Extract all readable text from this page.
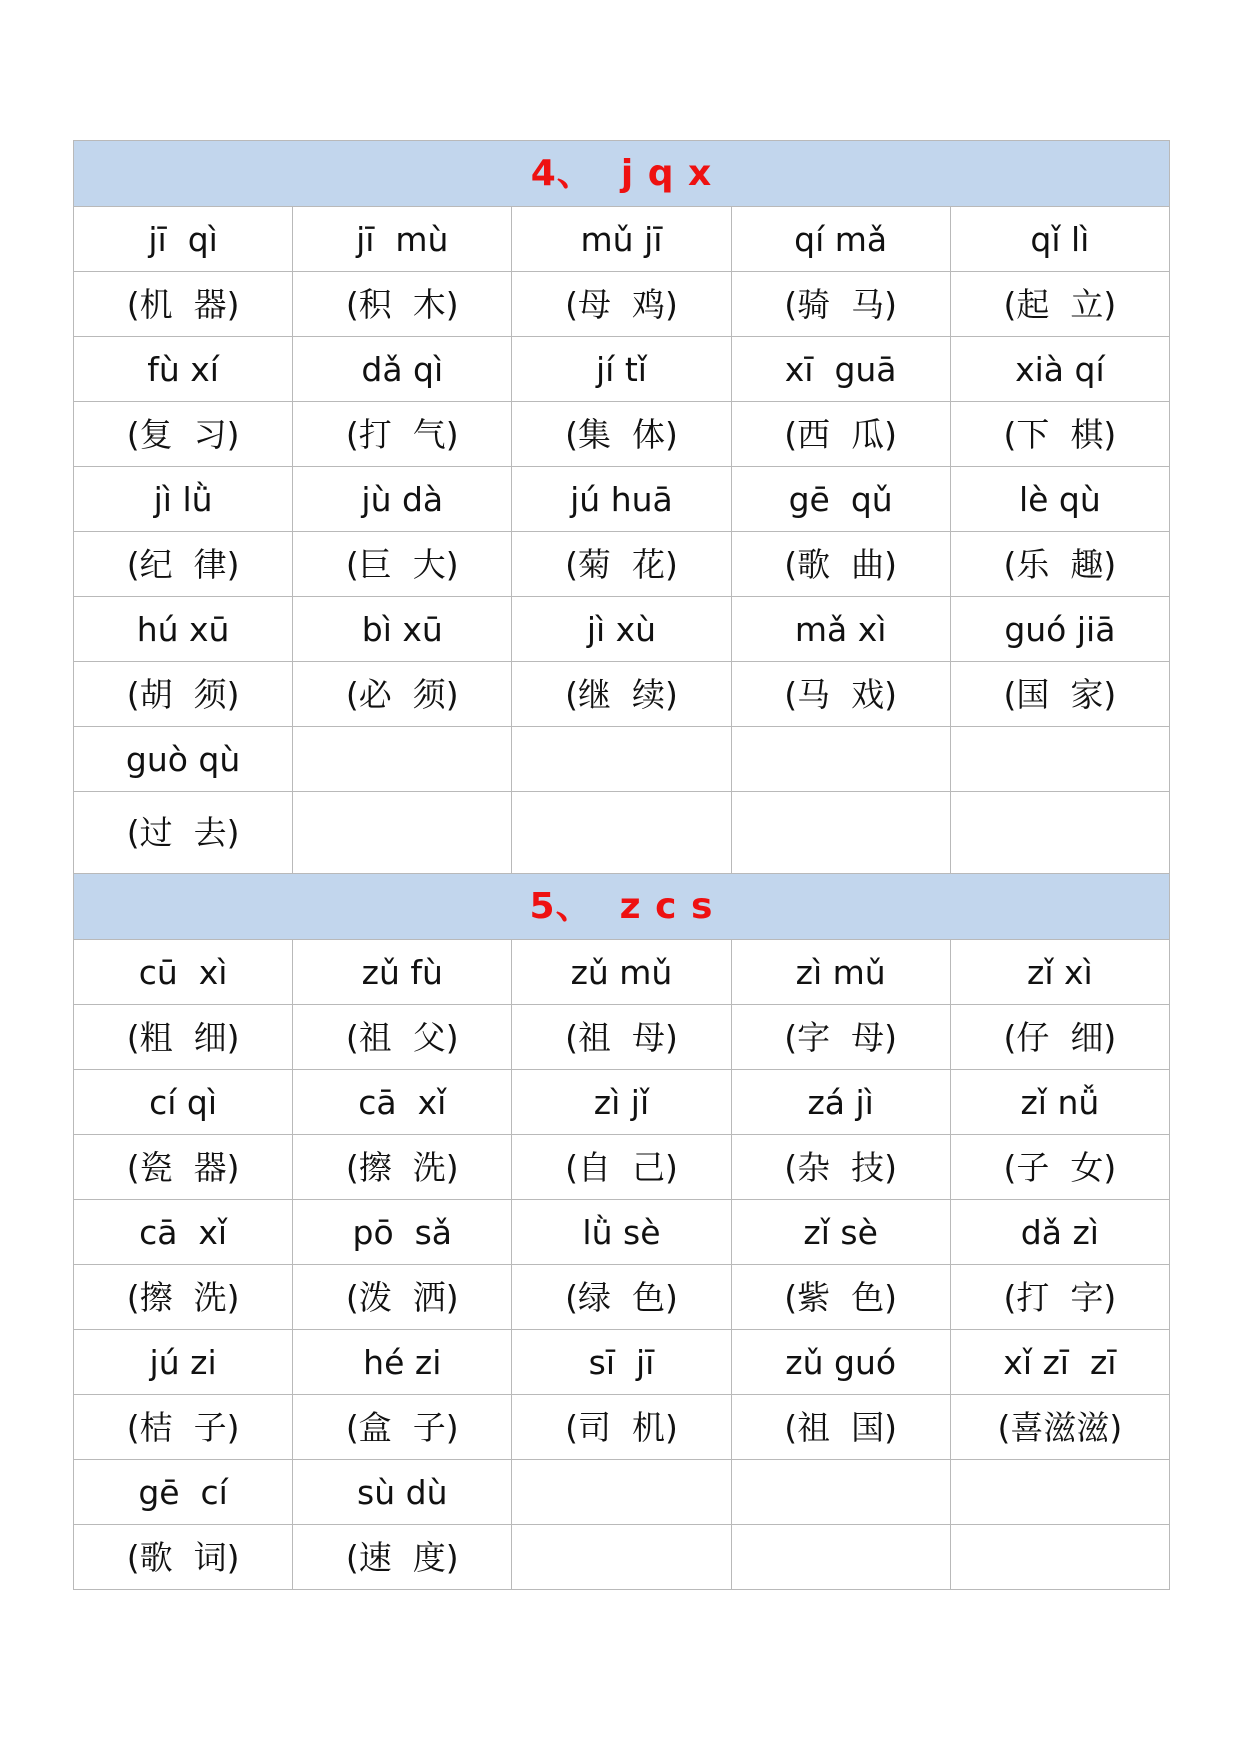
4、  j q x				
jī  qì	jī  mù	mǔ jī	qí mǎ	qǐ lì
(机  器)	(积  木)	(母  鸡)	(骑  马)	(起  立)
fù xí	dǎ qì	jí tǐ	xī  guā	xià qí
(复  习)	(打  气)	(集  体)	(西  瓜)	(下  棋)
jì lǜ	jù dà	jú huā	gē  qǔ	lè qù
(纪  律)	(巨  大)	(菊  花)	(歌  曲)	(乐  趣)
hú xū	bì xū	jì xù	mǎ xì	guó jiā
(胡  须)	(必  须)	(继  续)	(马  戏)	(国  家)
guò qù				
(过  去)				
5、  z c s				
cū  xì	zǔ fù	zǔ mǔ	zì mǔ	zǐ xì
(粗  细)	(祖  父)	(祖  母)	(字  母)	(仔  细)
cí qì	cā  xǐ	zì jǐ	zá jì	zǐ nǚ
(瓷  器)	(擦  洗)	(自  己)	(杂  技)	(子  女)
cā  xǐ	pō  sǎ	lǜ sè	zǐ sè	dǎ zì
(擦  洗)	(泼  洒)	(绿  色)	(紫  色)	(打  字)
jú zi	hé zi	sī  jī	zǔ guó	xǐ zī  zī
(桔  子)	(盒  子)	(司  机)	(祖  国)	(喜滋滋)
gē  cí	sù dù			
(歌  词)	(速  度)			
